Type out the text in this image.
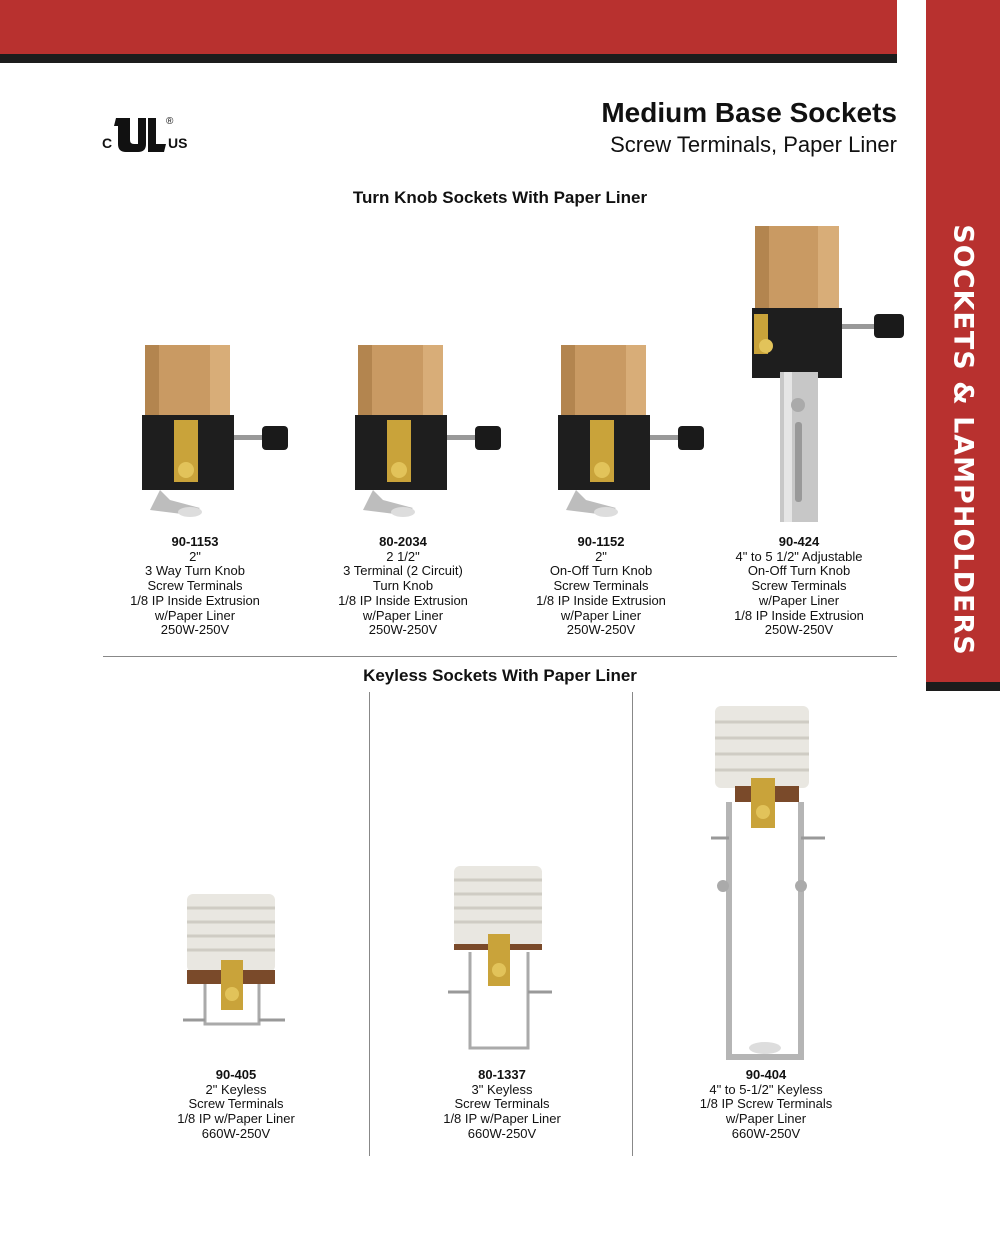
SOCKETS & LAMPHOLDERS
C	US
®	Medium Base Sockets
Screw Terminals, Paper Liner
Turn Knob Sockets With Paper Liner
90-1153
2"
3 Way Turn Knob
Screw Terminals
1/8 IP Inside Extrusion
w/Paper Liner
250W-250V
80-2034
2 1/2"
3 Terminal (2 Circuit)
Turn Knob
1/8 IP Inside Extrusion
w/Paper Liner
250W-250V
90-1152
2"
On-Off Turn Knob
Screw Terminals
1/8 IP Inside Extrusion
w/Paper Liner
250W-250V
90-424
4" to 5 1/2" Adjustable
On-Off Turn Knob
Screw Terminals
w/Paper Liner
1/8 IP Inside Extrusion
250W-250V
Keyless Sockets With Paper Liner
90-405
2" Keyless
Screw Terminals
1/8 IP w/Paper Liner
660W-250V
80-1337
3" Keyless
Screw Terminals
1/8 IP w/Paper Liner
660W-250V
90-404
4" to 5-1/2" Keyless
1/8 IP Screw Terminals
w/Paper Liner
660W-250V
